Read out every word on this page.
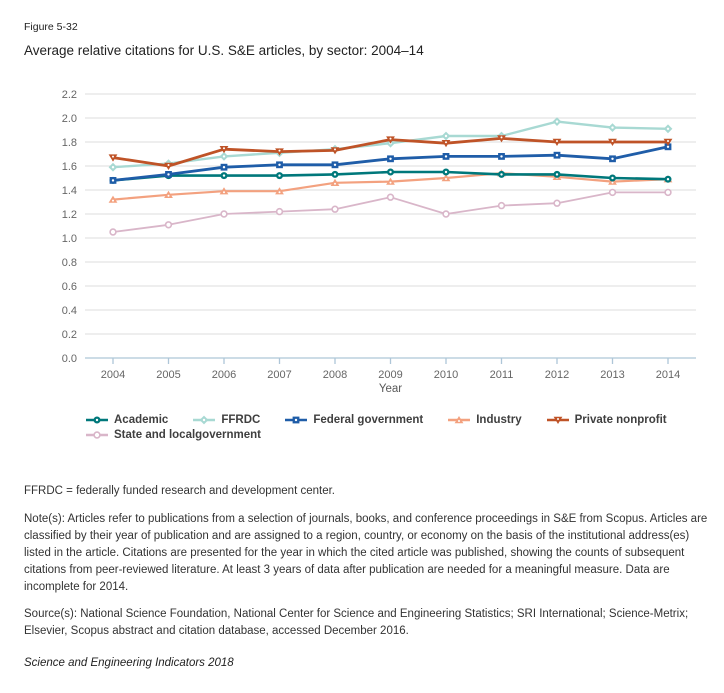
Figure 5-32
Average relative citations for U.S. S&E articles, by sector: 2004–14
0.0
0.2
0.4
0.6
0.8
1.0
1.2
1.4
1.6
1.8
2.0
2.2
2004	2005	2006	2007	2008	2009	2010	2011	2012	2013	2014
Year
Academic	FFRDC	Federal government	Industry	Private nonprofit
State and localgovernment
FFRDC = federally funded research and development center.
Note(s): Articles refer to publications from a selection of journals, books, and conference proceedings in S&E from Scopus. Articles are classified by their year of publication and are assigned to a region, country, or economy on the basis of the institutional address(es) listed in the article. Citations are presented for the year in which the cited article was published, showing the counts of subsequent citations from peer-reviewed literature. At least 3 years of data after publication are needed for a meaningful measure. Data are incomplete for 2014.
Source(s): National Science Foundation, National Center for Science and Engineering Statistics; SRI International; Science-Metrix; Elsevier, Scopus abstract and citation database, accessed December 2016.
Science and Engineering Indicators 2018
